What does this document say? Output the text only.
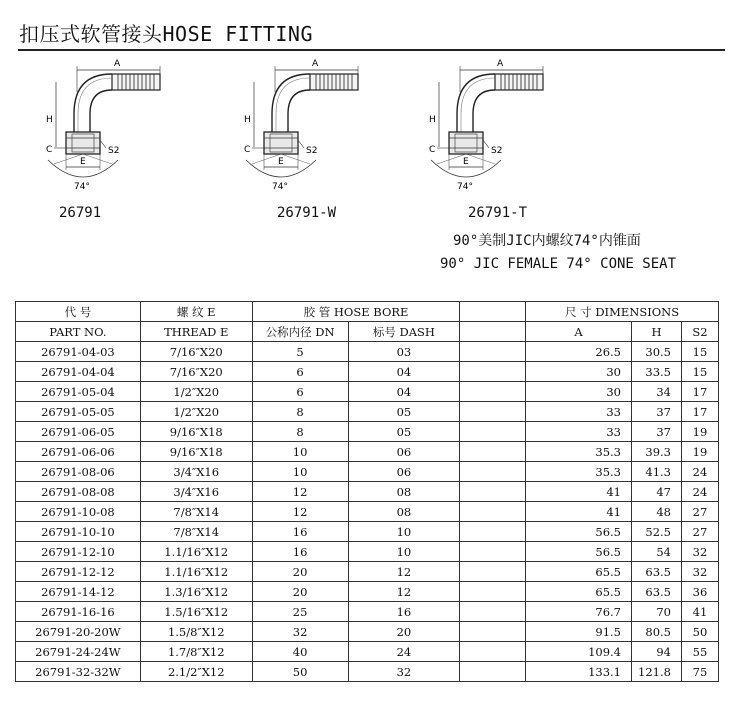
扣压式软管接头HOSE FITTING
A
H
C
E
S2
74°
A
H
C
E
S2
74°
A
H
C
E
S2
74°
26791	26791-W	26791-T
90°美制JIC内螺纹74°内锥面
90° JIC FEMALE 74° CONE SEAT
代 号	螺 纹 E	胶 管 HOSE BORE			尺 寸 DIMENSIONS		
PART NO.	THREAD E	公称内径 DN	标号 DASH		A	H	S2
26791-04-03	7/16″X20	5	03		26.5	30.5	15
26791-04-04	7/16″X20	6	04		30	33.5	15
26791-05-04	1/2″X20	6	04		30	34	17
26791-05-05	1/2″X20	8	05		33	37	17
26791-06-05	9/16″X18	8	05		33	37	19
26791-06-06	9/16″X18	10	06		35.3	39.3	19
26791-08-06	3/4″X16	10	06		35.3	41.3	24
26791-08-08	3/4″X16	12	08		41	47	24
26791-10-08	7/8″X14	12	08		41	48	27
26791-10-10	7/8″X14	16	10		56.5	52.5	27
26791-12-10	1.1/16″X12	16	10		56.5	54	32
26791-12-12	1.1/16″X12	20	12		65.5	63.5	32
26791-14-12	1.3/16″X12	20	12		65.5	63.5	36
26791-16-16	1.5/16″X12	25	16		76.7	70	41
26791-20-20W	1.5/8″X12	32	20		91.5	80.5	50
26791-24-24W	1.7/8″X12	40	24		109.4	94	55
26791-32-32W	2.1/2″X12	50	32		133.1	121.8	75
